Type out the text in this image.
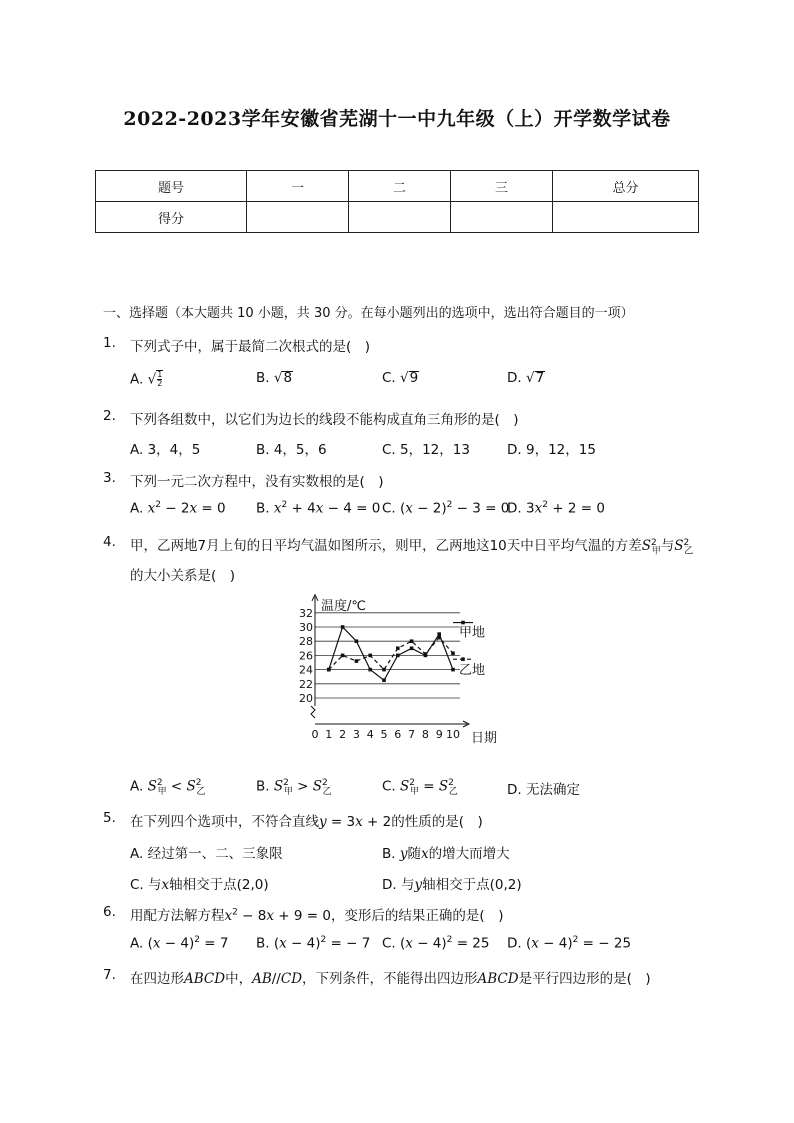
2022-2023学年安徽省芜湖十一中九年级（上）开学数学试卷
题号	一	二	三	总分
得分				
一、选择题（本大题共 10 小题，共 30 分。在每小题列出的选项中，选出符合题目的一项）
1. 下列式子中，属于最简二次根式的是(　)
A. √ $\frac{1}{2}$	B. √8	C. √9	D. √7
2. 下列各组数中，以它们为边长的线段不能构成直角三角形的是(　)
A. 3，4，5	B. 4，5，6	C. 5，12，13	D. 9，12，15
3. 下列一元二次方程中，没有实数根的是(　)
A. $x^2 - 2x = 0$ B. $x^2 + 4x - 4 = 0$ C. $(x - 2)^2 - 3 = 0$
D. $3x^2 + 2 = 0$
4. 甲，乙两地7月上旬的日平均气温如图所示，则甲，乙两地这10天中日平均气温的方差$S^2_甲$与$S^2_乙$
的大小关系是(　)
20
22
24
26
28
30
32
0 1 2 3 4 5 6 7 8 9 10 日期
温度/℃
甲地
乙地
A. $S^2_甲 < S^2_乙$	B. $S^2_甲 > S^2_乙$	C. $S^2_甲 = S^2_乙$	D. 无法确定
5. 在下列四个选项中，不符合直线y = 3x + 2的性质的是(　)
A. 经过第一、二、三象限	B. y随x的增大而增大
C. 与x轴相交于点(2,0)	D. 与y轴相交于点(0,2)
6. 用配方法解方程$x^2 - 8x + 9 = 0$，变形后的结果正确的是(　)
A. $(x - 4)^2 = 7$ B. $(x - 4)^2$ = − 7 C. $(x - 4)^2 = 25$ D. $(x - 4)^2$ = − 25
7. 在四边形ABCD中，AB//CD，下列条件，不能得出四边形ABCD是平行四边形的是(　)
